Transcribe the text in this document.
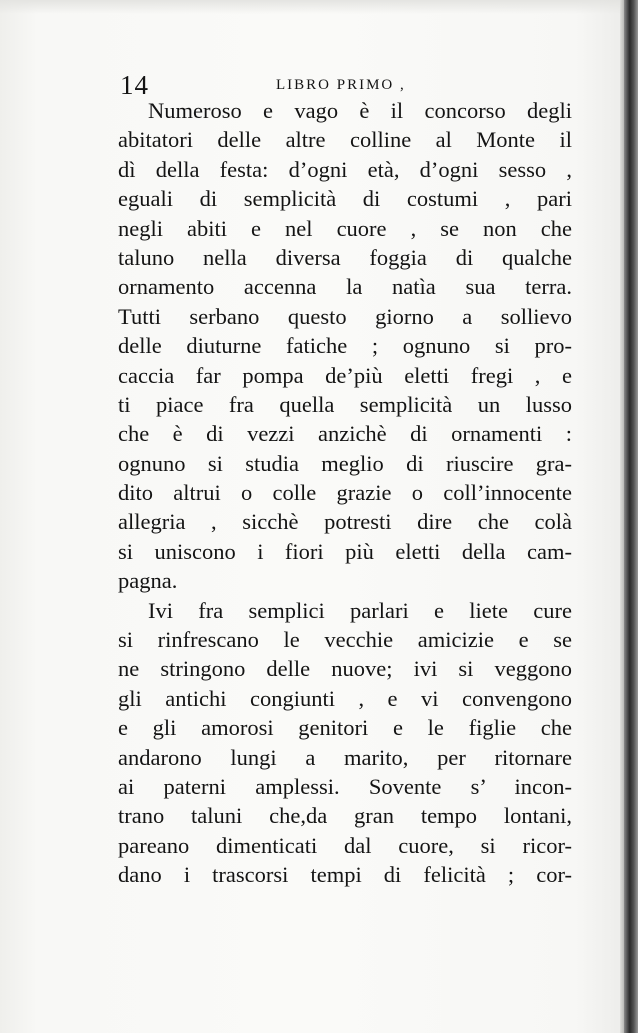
14	LIBRO PRIMO ,
Numeroso e vago è il concorso degli
abitatori delle altre colline al Monte il
dì della festa: d’ogni età, d’ogni sesso ,
eguali di semplicità di costumi , pari
negli abiti e nel cuore , se non che
taluno nella diversa foggia di qualche
ornamento accenna la natìa sua terra.
Tutti serbano questo giorno a sollievo
delle diuturne fatiche ; ognuno si pro-
caccia far pompa de’più eletti fregi , e
ti piace fra quella semplicità un lusso
che è di vezzi anzichè di ornamenti :
ognuno si studia meglio di riuscire gra-
dito altrui o colle grazie o coll’innocente
allegria , sicchè potresti dire che colà
si uniscono i fiori più eletti della cam-
pagna.
Ivi fra semplici parlari e liete cure
si rinfrescano le vecchie amicizie e se
ne stringono delle nuove; ivi si veggono
gli antichi congiunti , e vi convengono
e gli amorosi genitori e le figlie che
andarono lungi a marito, per ritornare
ai paterni amplessi. Sovente s’ incon-
trano taluni che,da gran tempo lontani,
pareano dimenticati dal cuore, si ricor-
dano i trascorsi tempi di felicità ; cor-
